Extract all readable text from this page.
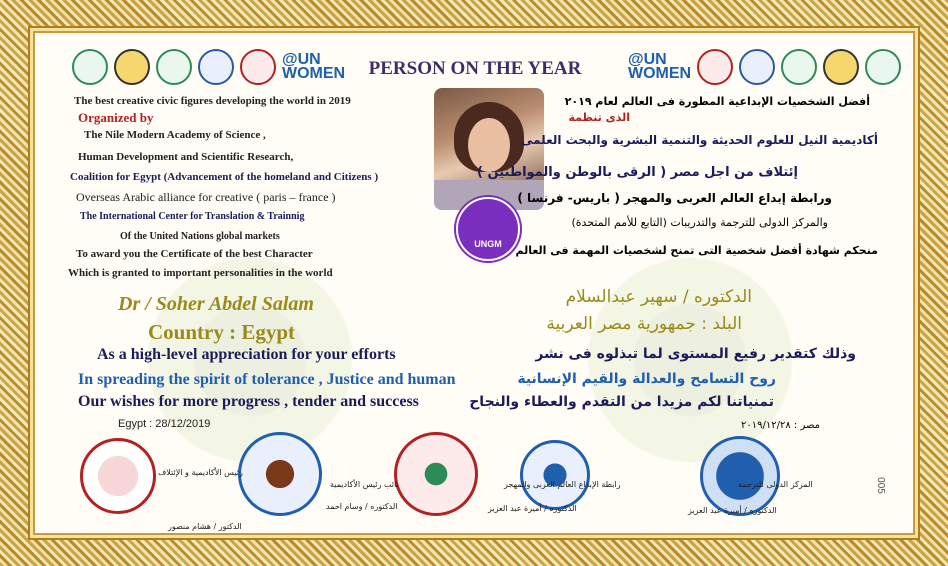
@UN
WOMEN	PERSON ON THE YEAR	@UN
WOMEN
The best creative civic figures developing the world in 2019
Organized by
The Nile Modern Academy of Science ,
Human Development and Scientific Research,
Coalition for Egypt (Advancement of the homeland and Citizens )
Overseas Arabic alliance for creative ( paris – france )
The International Center for Translation & Trainnig
Of the United Nations global markets
To award you the Certificate of the best Character
Which is granted to important personalities in the world
Dr / Soher Abdel Salam
Country : Egypt
As a high-level appreciation for your efforts
In spreading the spirit of tolerance , Justice and human
Our wishes for more progress , tender and success
Egypt : 28/12/2019
UNGM
أفضل الشخصيات الإبداعية المطورة فى العالم لعام ٢٠١٩
الذى تنظمة
أكاديمية النيل للعلوم الحديثة والتنمية البشرية والبحث العلمى
إئتلاف من اجل مصر ( الرقى بالوطن والمواطنين )
ورابطة إبداع العالم العربى والمهجر ( باريس- فرنسا )
والمركز الدولى للترجمة والتدريبات (التابع للأمم المتحدة)
منحكم شهادة أفضل شخصية التى تمنح لشخصيات المهمة فى العالم
الدكتوره / سهير عبدالسلام
البلد : جمهورية مصر العربية
وذلك كتقدير رفيع المستوى لما تبذلوه فى نشر
روح التسامح والعدالة والقيم الإنسانية
تمنياتنا لكم مزيدا من التقدم والعطاء والنجاح
مصر : ٢٠١٩/١٢/٢٨
رئيس الأكاديمية و الإئتلاف
الدكتور / هشام منصور
نائب رئيس الأكاديمية
الدكتوره / وسام احمد
رابطة الإبداع العالم العربى والمهجر
الدكتوره / أميرة عبد العزيز
المركز الدولى للترجمة
الدكتوره / أميرة عبد العزيز
005
